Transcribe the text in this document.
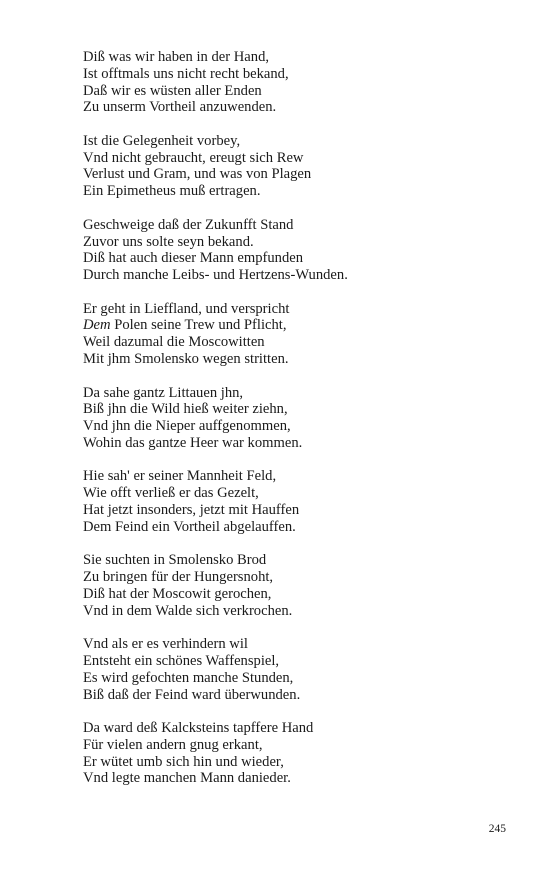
Diß was wir haben in der Hand,
Ist offtmals uns nicht recht bekand,
Daß wir es wüsten aller Enden
Zu unserm Vortheil anzuwenden.
Ist die Gelegenheit vorbey,
Vnd nicht gebraucht, ereugt sich Rew
Verlust und Gram, und was von Plagen
Ein Epimetheus muß ertragen.
Geschweige daß der Zukunfft Stand
Zuvor uns solte seyn bekand.
Diß hat auch dieser Mann empfunden
Durch manche Leibs- und Hertzens-Wunden.
Er geht in Lieffland, und verspricht
Dem Polen seine Trew und Pflicht,
Weil dazumal die Moscowitten
Mit jhm Smolensko wegen stritten.
Da sahe gantz Littauen jhn,
Biß jhn die Wild hieß weiter ziehn,
Vnd jhn die Nieper auffgenommen,
Wohin das gantze Heer war kommen.
Hie sah' er seiner Mannheit Feld,
Wie offt verließ er das Gezelt,
Hat jetzt insonders, jetzt mit Hauffen
Dem Feind ein Vortheil abgelauffen.
Sie suchten in Smolensko Brod
Zu bringen für der Hungersnoht,
Diß hat der Moscowit gerochen,
Vnd in dem Walde sich verkrochen.
Vnd als er es verhindern wil
Entsteht ein schönes Waffenspiel,
Es wird gefochten manche Stunden,
Biß daß der Feind ward überwunden.
Da ward deß Kalcksteins tapffere Hand
Für vielen andern gnug erkant,
Er wütet umb sich hin und wieder,
Vnd legte manchen Mann danieder.
245
